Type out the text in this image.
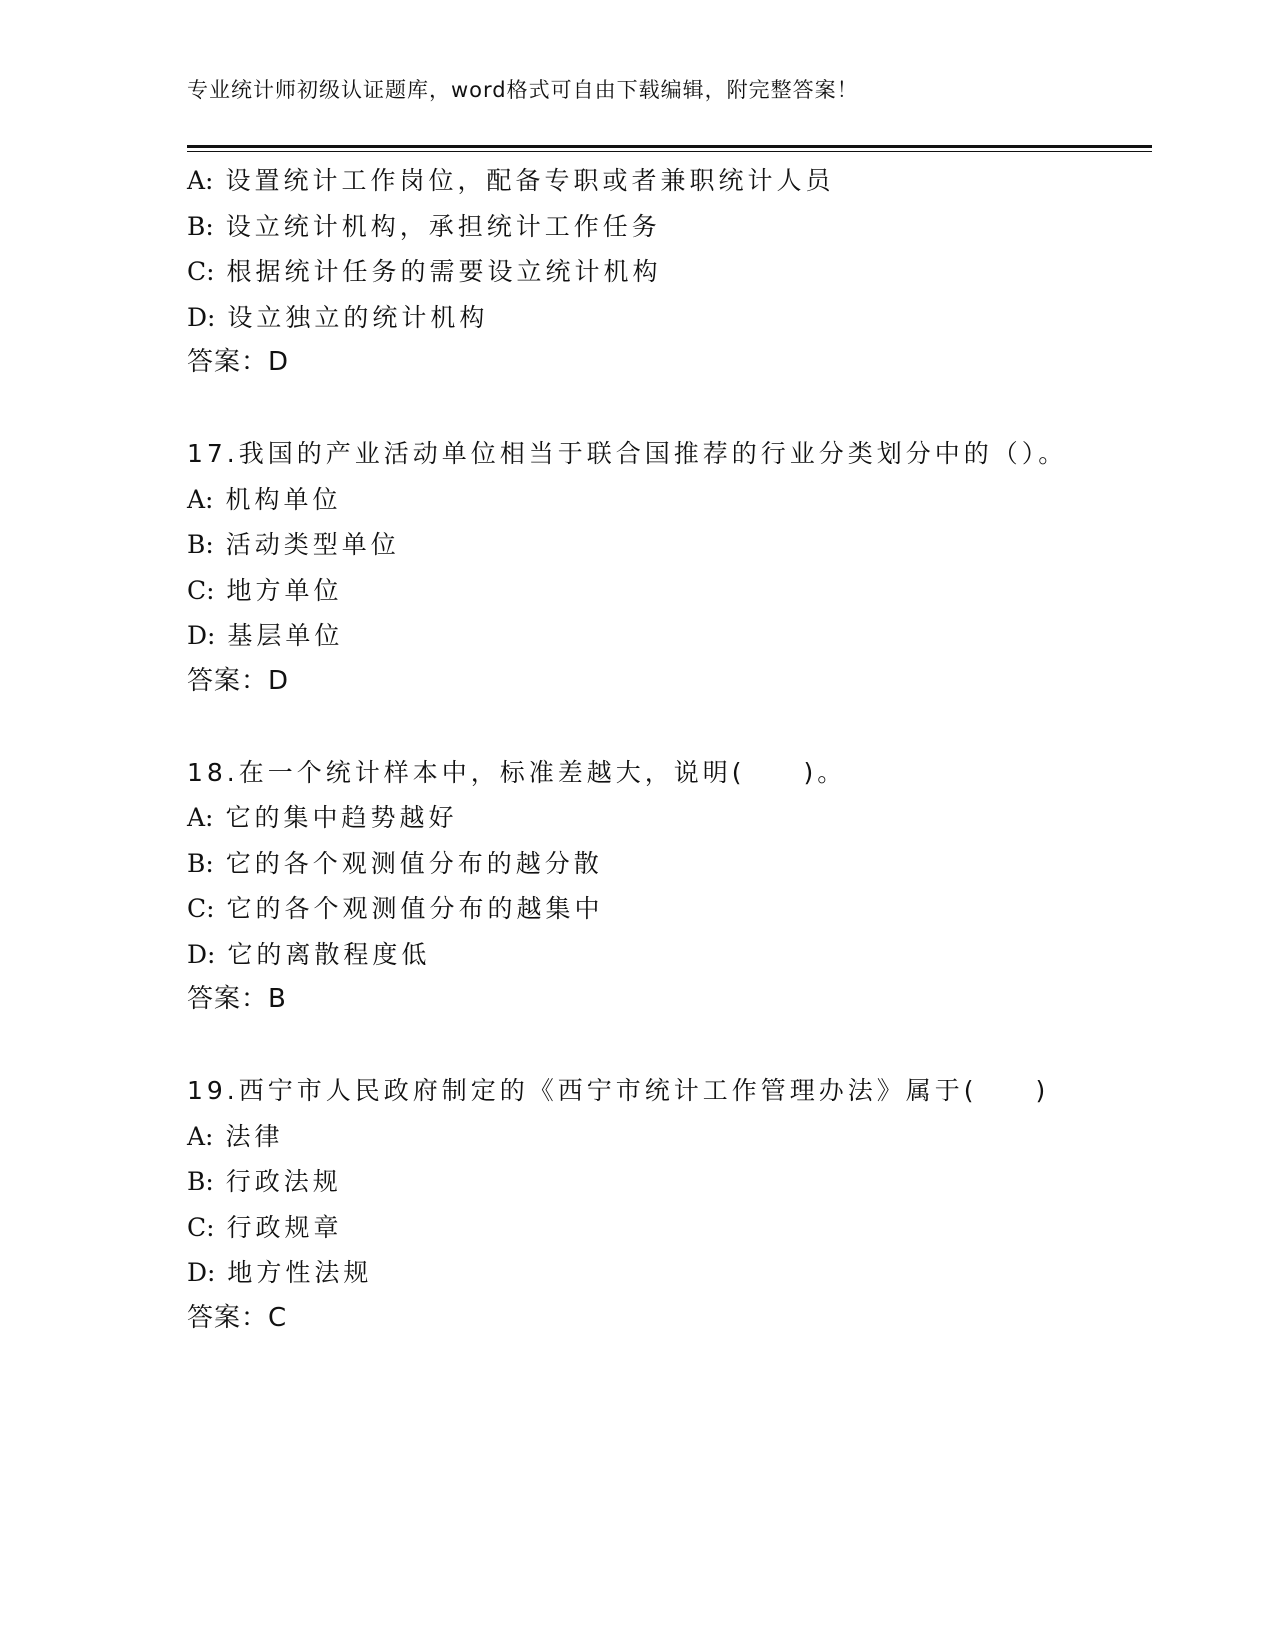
专业统计师初级认证题库，word格式可自由下载编辑，附完整答案！
A: 设置统计工作岗位，配备专职或者兼职统计人员
B: 设立统计机构，承担统计工作任务
C: 根据统计任务的需要设立统计机构
D: 设立独立的统计机构
答案：D
17.我国的产业活动单位相当于联合国推荐的行业分类划分中的（）。
A: 机构单位
B: 活动类型单位
C: 地方单位
D: 基层单位
答案：D
18.在一个统计样本中，标准差越大，说明(　　)。
A: 它的集中趋势越好
B: 它的各个观测值分布的越分散
C: 它的各个观测值分布的越集中
D: 它的离散程度低
答案：B
19.西宁市人民政府制定的《西宁市统计工作管理办法》属于(　　)
A: 法律
B: 行政法规
C: 行政规章
D: 地方性法规
答案：C
